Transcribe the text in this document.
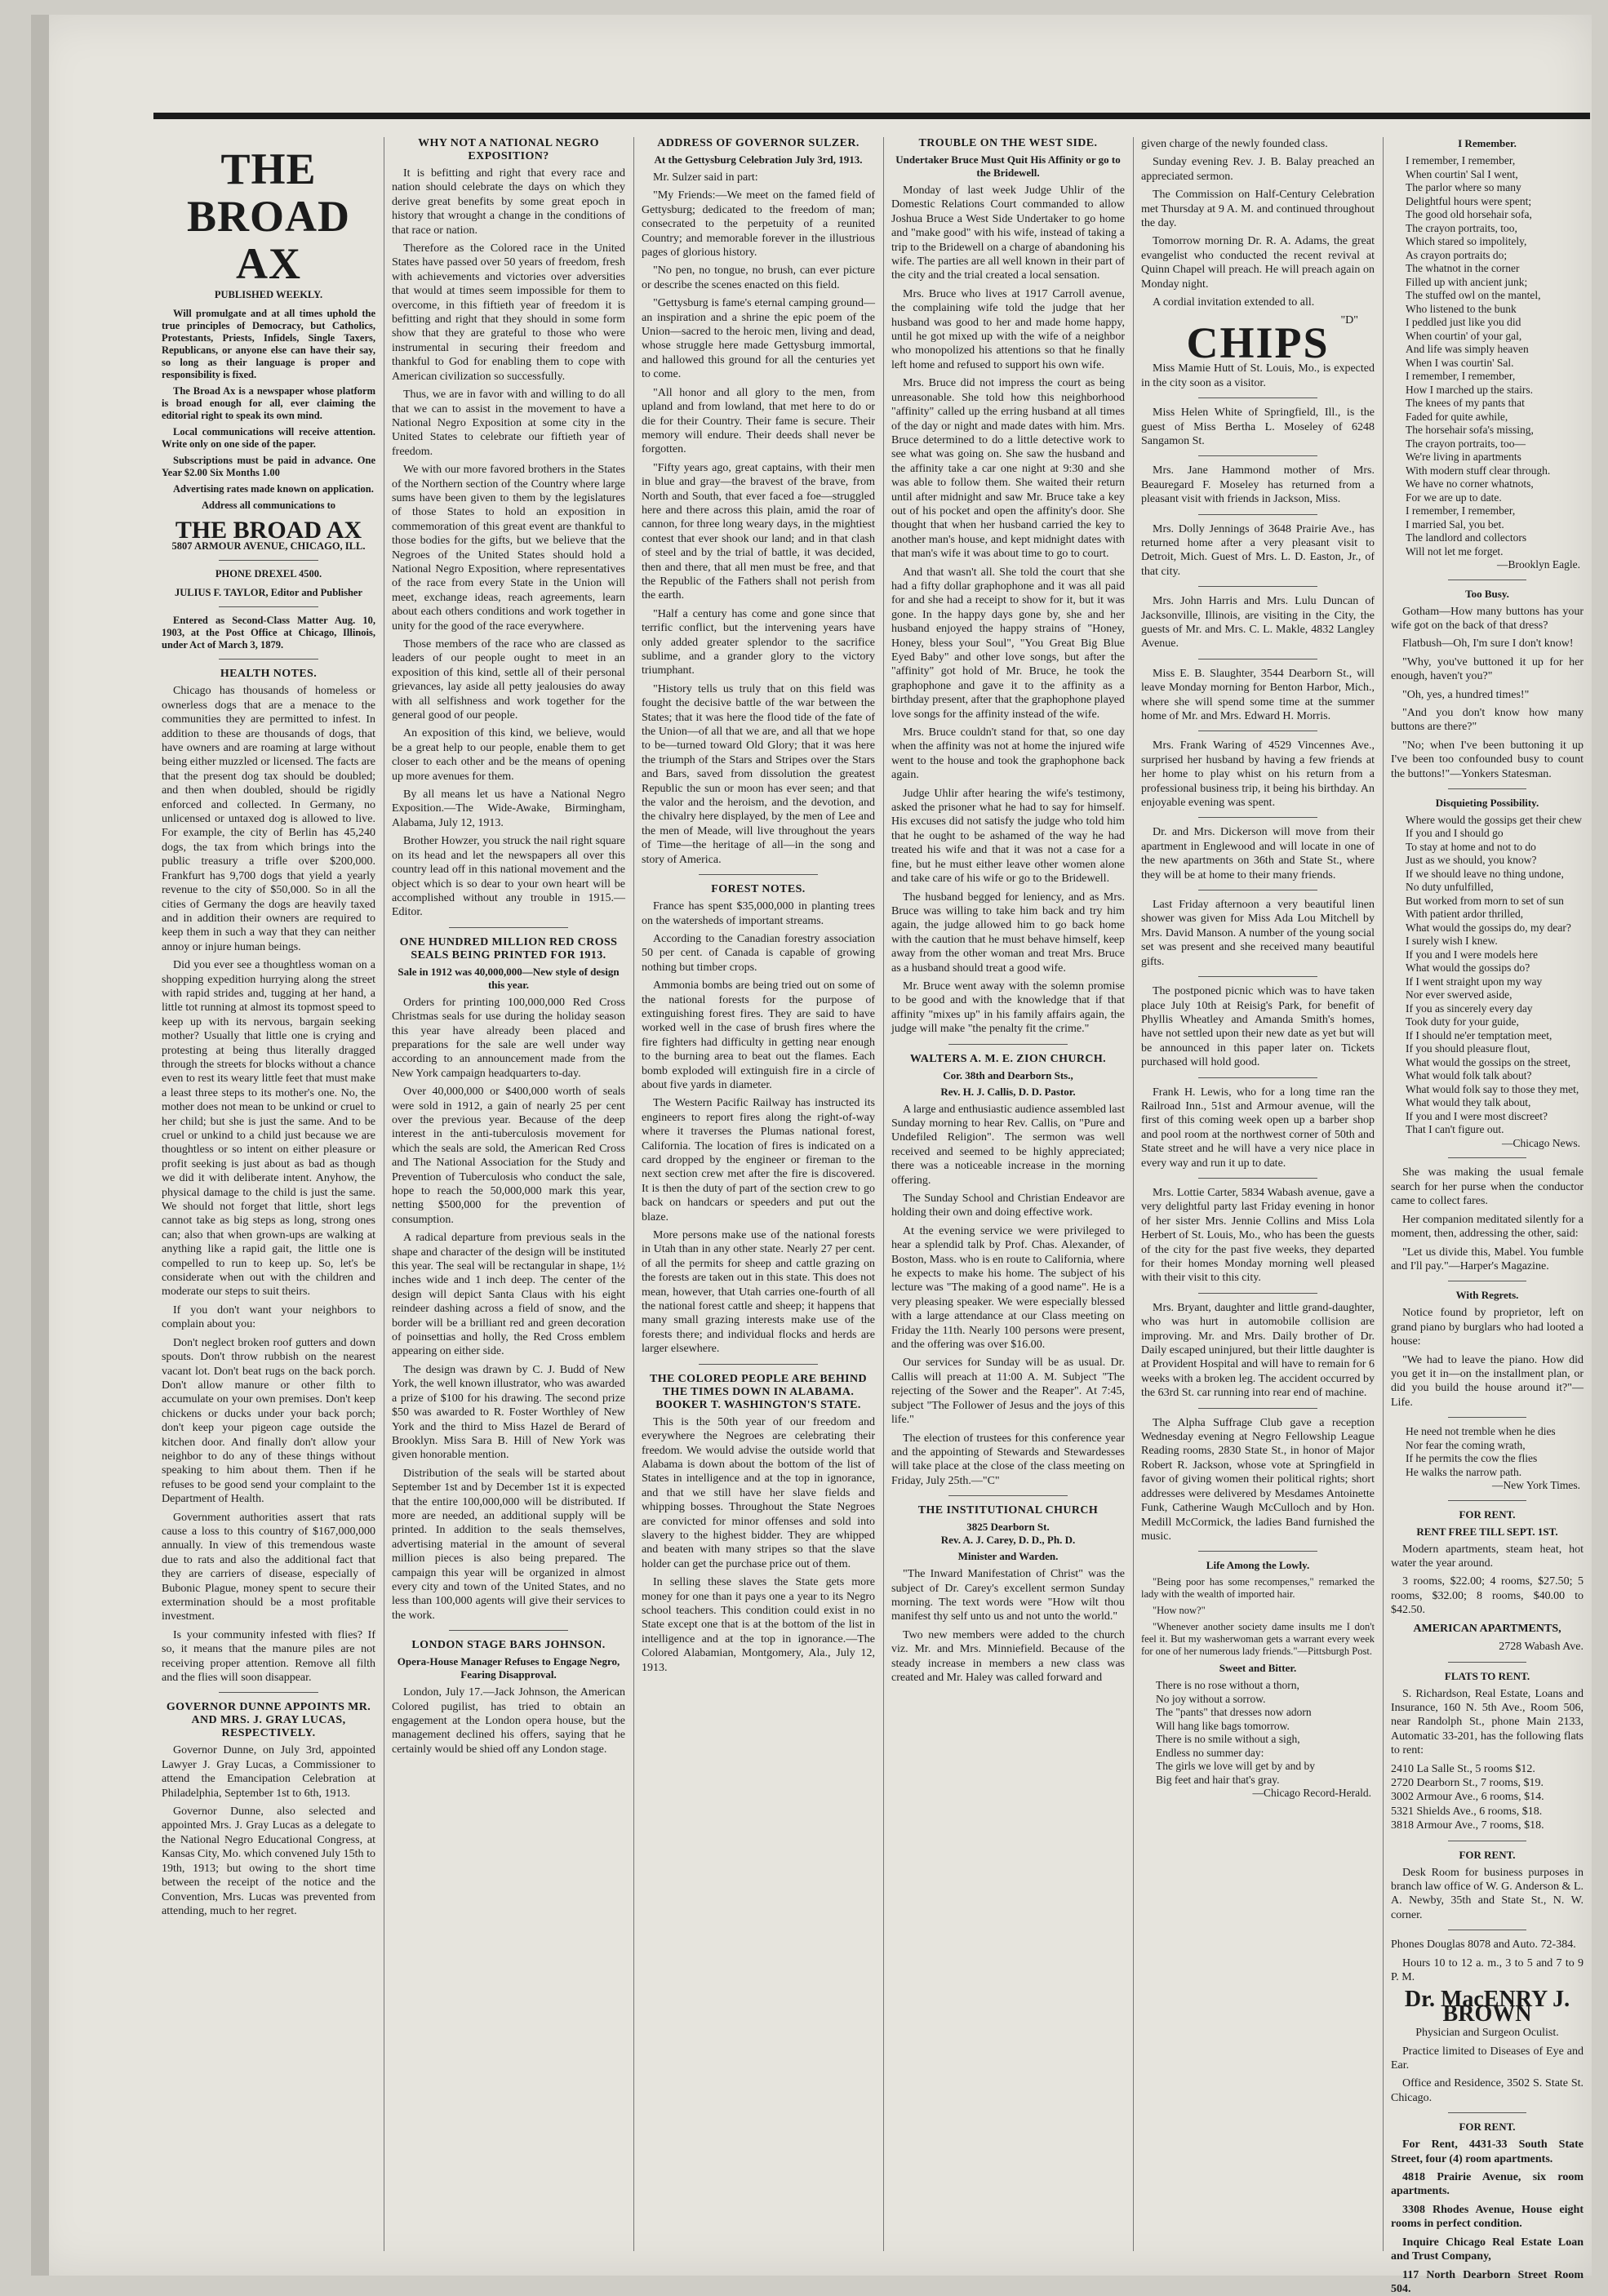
THE BROAD AX
PUBLISHED WEEKLY.

Will promulgate and at all times uphold the true principles of Democracy, but Catholics, Protestants, Priests, Infidels, Single Taxers, Republicans, or anyone else can have their say, so long as their language is proper and responsibility is fixed.

The Broad Ax is a newspaper whose platform is broad enough for all, ever claiming the editorial right to speak its own mind.

Local communications will receive attention. Write only on one side of the paper.

Subscriptions must be paid in advance. One Year $2.00 Six Months 1.00

Advertising rates made known on application.

Address all communications to

THE BROAD AX
5807 ARMOUR AVENUE, CHICAGO, ILL.
PHONE DREXEL 4500.
JULIUS F. TAYLOR, Editor and Publisher

Entered as Second-Class Matter Aug. 10, 1903, at the Post Office at Chicago, Illinois, under Act of March 3, 1879.

HEALTH NOTES.

Chicago has thousands of homeless or ownerless dogs that are a menace to the communities they are permitted to infest. In addition to these are thousands of dogs, that have owners and are roaming at large without being either muzzled or licensed. The facts are that the present dog tax should be doubled; and then when doubled, should be rigidly enforced and collected. In Germany, no unlicensed or untaxed dog is allowed to live. For example, the city of Berlin has 45,240 dogs, the tax from which brings into the public treasury a trifle over $200,000. Frankfurt has 9,700 dogs that yield a yearly revenue to the city of $50,000. So in all the cities of Germany the dogs are heavily taxed and in addition their owners are required to keep them in such a way that they can neither annoy or injure human beings.

Did you ever see a thoughtless woman on a shopping expedition hurrying along the street with rapid strides and, tugging at her hand, a little tot running at almost its topmost speed to keep up with its nervous, bargain seeking mother? Usually that little one is crying and protesting at being thus literally dragged through the streets for blocks without a chance even to rest its weary little feet that must make a least three steps to its mother's one. No, the mother does not mean to be unkind or cruel to her child; but she is just the same. And to be cruel or unkind to a child just because we are thoughtless or so intent on either pleasure or profit seeking is just about as bad as though we did it with deliberate intent. Anyhow, the physical damage to the child is just the same. We should not forget that little, short legs cannot take as big steps as long, strong ones can; also that when grown-ups are walking at anything like a rapid gait, the little one is compelled to run to keep up. So, let's be considerate when out with the children and moderate our steps to suit theirs.

If you don't want your neighbors to complain about you:

Don't neglect broken roof gutters and down spouts. Don't throw rubbish on the nearest vacant lot. Don't beat rugs on the back porch. Don't allow manure or other filth to accumulate on your own premises. Don't keep chickens or ducks under your back porch; don't keep your pigeon cage outside the kitchen door. And finally don't allow your neighbor to do any of these things without speaking to him about them. Then if he refuses to be good send your complaint to the Department of Health.

Government authorities assert that rats cause a loss to this country of $167,000,000 annually. In view of this tremendous waste due to rats and also the additional fact that they are carriers of disease, especially of Bubonic Plague, money spent to secure their extermination should be a most profitable investment.

Is your community infested with flies? If so, it means that the manure piles are not receiving proper attention. Remove all filth and the flies will soon disappear.

GOVERNOR DUNNE APPOINTS MR. AND MRS. J. GRAY LUCAS, RESPECTIVELY.

Governor Dunne, on July 3rd, appointed Lawyer J. Gray Lucas, a Commissioner to attend the Emancipation Celebration at Philadelphia, September 1st to 6th, 1913.

Governor Dunne, also selected and appointed Mrs. J. Gray Lucas as a delegate to the National Negro Educational Congress, at Kansas City, Mo. which convened July 15th to 19th, 1913; but owing to the short time between the receipt of the notice and the Convention, Mrs. Lucas was prevented from attending, much to her regret.

WHY NOT A NATIONAL NEGRO EXPOSITION?

It is befitting and right that every race and nation should celebrate the days on which they derive great benefits by some great epoch in history that wrought a change in the conditions of that race or nation.

Therefore as the Colored race in the United States have passed over 50 years of freedom, fresh with achievements and victories over adversities that would at times seem impossible for them to overcome, in this fiftieth year of freedom it is befitting and right that they should in some form show that they are grateful to those who were instrumental in securing their freedom and thankful to God for enabling them to cope with American civilization so successfully.

Thus, we are in favor with and willing to do all that we can to assist in the movement to have a National Negro Exposition at some city in the United States to celebrate our fiftieth year of freedom.

We with our more favored brothers in the States of the Northern section of the Country where large sums have been given to them by the legislatures of those States to hold an exposition in commemoration of this great event are thankful to those bodies for the gifts, but we believe that the Negroes of the United States should hold a National Negro Exposition, where representatives of the race from every State in the Union will meet, exchange ideas, reach agreements, learn about each others conditions and work together in unity for the good of the race everywhere.

Those members of the race who are classed as leaders of our people ought to meet in an exposition of this kind, settle all of their personal grievances, lay aside all petty jealousies do away with all selfishness and work together for the general good of our people.

An exposition of this kind, we believe, would be a great help to our people, enable them to get closer to each other and be the means of opening up more avenues for them.

By all means let us have a National Negro Exposition.—The Wide-Awake, Birmingham, Alabama, July 12, 1913.

Brother Howzer, you struck the nail right square on its head and let the newspapers all over this country lead off in this national movement and the object which is so dear to your own heart will be accomplished without any trouble in 1915.—Editor.

ONE HUNDRED MILLION RED CROSS SEALS BEING PRINTED FOR 1913.
Sale in 1912 was 40,000,000—New style of design this year.

Orders for printing 100,000,000 Red Cross Christmas seals for use during the holiday season this year have already been placed and preparations for the sale are well under way according to an announcement made from the New York campaign headquarters to-day.

Over 40,000,000 or $400,000 worth of seals were sold in 1912, a gain of nearly 25 per cent over the previous year. Because of the deep interest in the anti-tuberculosis movement for which the seals are sold, the American Red Cross and The National Association for the Study and Prevention of Tuberculosis who conduct the sale, hope to reach the 50,000,000 mark this year, netting $500,000 for the prevention of consumption.

A radical departure from previous seals in the shape and character of the design will be instituted this year. The seal will be rectangular in shape, 1½ inches wide and 1 inch deep. The center of the design will depict Santa Claus with his eight reindeer dashing across a field of snow, and the border will be a brilliant red and green decoration of poinsettias and holly, the Red Cross emblem appearing on either side.

The design was drawn by C. J. Budd of New York, the well known illustrator, who was awarded a prize of $100 for his drawing. The second prize $50 was awarded to R. Foster Worthley of New York and the third to Miss Hazel de Berard of Brooklyn. Miss Sara B. Hill of New York was given honorable mention.

Distribution of the seals will be started about September 1st and by December 1st it is expected that the entire 100,000,000 will be distributed. If more are needed, an additional supply will be printed. In addition to the seals themselves, advertising material in the amount of several million pieces is also being prepared. The campaign this year will be organized in almost every city and town of the United States, and no less than 100,000 agents will give their services to the work.

LONDON STAGE BARS JOHNSON.
Opera-House Manager Refuses to Engage Negro, Fearing Disapproval.

London, July 17.—Jack Johnson, the American Colored pugilist, has tried to obtain an engagement at the London opera house, but the management declined his offers, saying that he certainly would be shied off any London stage.

ADDRESS OF GOVERNOR SULZER.
At the Gettysburg Celebration July 3rd, 1913.

Mr. Sulzer said in part:

"My Friends:—We meet on the famed field of Gettysburg; dedicated to the freedom of man; consecrated to the perpetuity of a reunited Country; and memorable forever in the illustrious pages of glorious history.

"No pen, no tongue, no brush, can ever picture or describe the scenes enacted on this field.

"Gettysburg is fame's eternal camping ground—an inspiration and a shrine the epic poem of the Union—sacred to the heroic men, living and dead, whose struggle here made Gettysburg immortal, and hallowed this ground for all the centuries yet to come.

"All honor and all glory to the men, from upland and from lowland, that met here to do or die for their Country. Their fame is secure. Their memory will endure. Their deeds shall never be forgotten.

"Fifty years ago, great captains, with their men in blue and gray—the bravest of the brave, from North and South, that ever faced a foe—struggled here and there across this plain, amid the roar of cannon, for three long weary days, in the mightiest contest that ever shook our land; and in that clash of steel and by the trial of battle, it was decided, then and there, that all men must be free, and that the Republic of the Fathers shall not perish from the earth.

"Half a century has come and gone since that terrific conflict, but the intervening years have only added greater splendor to the sacrifice sublime, and a grander glory to the victory triumphant.

"History tells us truly that on this field was fought the decisive battle of the war between the States; that it was here the flood tide of the fate of the Union—of all that we are, and all that we hope to be—turned toward Old Glory; that it was here the triumph of the Stars and Stripes over the Stars and Bars, saved from dissolution the greatest Republic the sun or moon has ever seen; and that the valor and the heroism, and the devotion, and the chivalry here displayed, by the men of Lee and the men of Meade, will live throughout the years of Time—the heritage of all—in the song and story of America.

FOREST NOTES.

France has spent $35,000,000 in planting trees on the watersheds of important streams.

According to the Canadian forestry association 50 per cent. of Canada is capable of growing nothing but timber crops.

Ammonia bombs are being tried out on some of the national forests for the purpose of extinguishing forest fires. They are said to have worked well in the case of brush fires where the fire fighters had difficulty in getting near enough to the burning area to beat out the flames. Each bomb exploded will extinguish fire in a circle of about five yards in diameter.

The Western Pacific Railway has instructed its engineers to report fires along the right-of-way where it traverses the Plumas national forest, California. The location of fires is indicated on a card dropped by the engineer or fireman to the next section crew met after the fire is discovered. It is then the duty of part of the section crew to go back on handcars or speeders and put out the blaze.

More persons make use of the national forests in Utah than in any other state. Nearly 27 per cent. of all the permits for sheep and cattle grazing on the forests are taken out in this state. This does not mean, however, that Utah carries one-fourth of all the national forest cattle and sheep; it happens that many small grazing interests make use of the forests there; and individual flocks and herds are larger elsewhere.

THE COLORED PEOPLE ARE BEHIND THE TIMES DOWN IN ALABAMA. BOOKER T. WASHINGTON'S STATE.

This is the 50th year of our freedom and everywhere the Negroes are celebrating their freedom. We would advise the outside world that Alabama is down about the bottom of the list of States in intelligence and at the top in ignorance, and that we still have her slave fields and whipping bosses. Throughout the State Negroes are convicted for minor offenses and sold into slavery to the highest bidder. They are whipped and beaten with many stripes so that the slave holder can get the purchase price out of them.

In selling these slaves the State gets more money for one than it pays one a year to its Negro school teachers. This condition could exist in no State except one that is at the bottom of the list in intelligence and at the top in ignorance.—The Colored Alabamian, Montgomery, Ala., July 12, 1913.

TROUBLE ON THE WEST SIDE.
Undertaker Bruce Must Quit His Affinity or go to the Bridewell.

Monday of last week Judge Uhlir of the Domestic Relations Court commanded to allow Joshua Bruce a West Side Undertaker to go home and "make good" with his wife, instead of taking a trip to the Bridewell on a charge of abandoning his wife. The parties are all well known in their part of the city and the trial created a local sensation.

Mrs. Bruce who lives at 1917 Carroll avenue, the complaining wife told the judge that her husband was good to her and made home happy, until he got mixed up with the wife of a neighbor who monopolized his attentions so that he finally left home and refused to support his own wife.

Mrs. Bruce did not impress the court as being unreasonable. She told how this neighborhood "affinity" called up the erring husband at all times of the day or night and made dates with him. Mrs. Bruce determined to do a little detective work to see what was going on. She saw the husband and the affinity take a car one night at 9:30 and she was able to follow them. She waited their return until after midnight and saw Mr. Bruce take a key out of his pocket and open the affinity's door. She thought that when her husband carried the key to another man's house, and kept midnight dates with that man's wife it was about time to go to court.

And that wasn't all. She told the court that she had a fifty dollar graphophone and it was all paid for and she had a receipt to show for it, but it was gone. In the happy days gone by, she and her husband enjoyed the happy strains of "Honey, Honey, bless your Soul", "You Great Big Blue Eyed Baby" and other love songs, but after the "affinity" got hold of Mr. Bruce, he took the graphophone and gave it to the affinity as a birthday present, after that the graphophone played love songs for the affinity instead of the wife.

Mrs. Bruce couldn't stand for that, so one day when the affinity was not at home the injured wife went to the house and took the graphophone back again.

Judge Uhlir after hearing the wife's testimony, asked the prisoner what he had to say for himself. His excuses did not satisfy the judge who told him that he ought to be ashamed of the way he had treated his wife and that it was not a case for a fine, but he must either leave other women alone and take care of his wife or go to the Bridewell.

The husband begged for leniency, and as Mrs. Bruce was willing to take him back and try him again, the judge allowed him to go back home with the caution that he must behave himself, keep away from the other woman and treat Mrs. Bruce as a husband should treat a good wife.

Mr. Bruce went away with the solemn promise to be good and with the knowledge that if that affinity "mixes up" in his family affairs again, the judge will make "the penalty fit the crime."

WALTERS A. M. E. ZION CHURCH.
Cor. 38th and Dearborn Sts.,
Rev. H. J. Callis, D. D. Pastor.

A large and enthusiastic audience assembled last Sunday morning to hear Rev. Callis, on "Pure and Undefiled Religion". The sermon was well received and seemed to be highly appreciated; there was a noticeable increase in the morning offering.

The Sunday School and Christian Endeavor are holding their own and doing effective work.

At the evening service we were privileged to hear a splendid talk by Prof. Chas. Alexander, of Boston, Mass. who is en route to California, where he expects to make his home. The subject of his lecture was "The making of a good name". He is a very pleasing speaker. We were especially blessed with a large attendance at our Class meeting on Friday the 11th. Nearly 100 persons were present, and the offering was over $16.00.

Our services for Sunday will be as usual. Dr. Callis will preach at 11:00 A. M. Subject "The rejecting of the Sower and the Reaper". At 7:45, subject "The Follower of Jesus and the joys of this life."

The election of trustees for this conference year and the appointing of Stewards and Stewardesses will take place at the close of the class meeting on Friday, July 25th.—"C"

THE INSTITUTIONAL CHURCH
3825 Dearborn St.
Rev. A. J. Carey, D. D., Ph. D.
Minister and Warden.

"The Inward Manifestation of Christ" was the subject of Dr. Carey's excellent sermon Sunday morning. The text words were "How wilt thou manifest thy self unto us and not unto the world."

Two new members were added to the church viz. Mr. and Mrs. Minniefield. Because of the steady increase in members a new class was created and Mr. Haley was called forward and

given charge of the newly founded class.

Sunday evening Rev. J. B. Balay preached an appreciated sermon.

The Commission on Half-Century Celebration met Thursday at 9 A. M. and continued throughout the day.

Tomorrow morning Dr. R. A. Adams, the great evangelist who conducted the recent revival at Quinn Chapel will preach. He will preach again on Monday night.

A cordial invitation extended to all.

"D"

CHIPS

Miss Mamie Hutt of St. Louis, Mo., is expected in the city soon as a visitor.

Miss Helen White of Springfield, Ill., is the guest of Miss Bertha L. Moseley of 6248 Sangamon St.

Mrs. Jane Hammond mother of Mrs. Beauregard F. Moseley has returned from a pleasant visit with friends in Jackson, Miss.

Mrs. Dolly Jennings of 3648 Prairie Ave., has returned home after a very pleasant visit to Detroit, Mich. Guest of Mrs. L. D. Easton, Jr., of that city.

Mrs. John Harris and Mrs. Lulu Duncan of Jacksonville, Illinois, are visiting in the City, the guests of Mr. and Mrs. C. L. Makle, 4832 Langley Avenue.

Miss E. B. Slaughter, 3544 Dearborn St., will leave Monday morning for Benton Harbor, Mich., where she will spend some time at the summer home of Mr. and Mrs. Edward H. Morris.

Mrs. Frank Waring of 4529 Vincennes Ave., surprised her husband by having a few friends at her home to play whist on his return from a professional business trip, it being his birthday. An enjoyable evening was spent.

Dr. and Mrs. Dickerson will move from their apartment in Englewood and will locate in one of the new apartments on 36th and State St., where they will be at home to their many friends.

Last Friday afternoon a very beautiful linen shower was given for Miss Ada Lou Mitchell by Mrs. David Manson. A number of the young social set was present and she received many beautiful gifts.

The postponed picnic which was to have taken place July 10th at Reisig's Park, for benefit of Phyllis Wheatley and Amanda Smith's homes, have not settled upon their new date as yet but will be announced in this paper later on. Tickets purchased will hold good.

Frank H. Lewis, who for a long time ran the Railroad Inn., 51st and Armour avenue, will the first of this coming week open up a barber shop and pool room at the northwest corner of 50th and State street and he will have a very nice place in every way and run it up to date.

Mrs. Lottie Carter, 5834 Wabash avenue, gave a very delightful party last Friday evening in honor of her sister Mrs. Jennie Collins and Miss Lola Herbert of St. Louis, Mo., who has been the guests of the city for the past five weeks, they departed for their homes Monday morning well pleased with their visit to this city.

Mrs. Bryant, daughter and little grand-daughter, who was hurt in automobile collision are improving. Mr. and Mrs. Daily brother of Dr. Daily escaped uninjured, but their little daughter is at Provident Hospital and will have to remain for 6 weeks with a broken leg. The accident occurred by the 63rd St. car running into rear end of machine.

The Alpha Suffrage Club gave a reception Wednesday evening at Negro Fellowship League Reading rooms, 2830 State St., in honor of Major Robert R. Jackson, whose vote at Springfield in favor of giving women their political rights; short addresses were delivered by Mesdames Antoinette Funk, Catherine Waugh McCulloch and by Hon. Medill McCormick, the ladies Band furnished the music.

Life Among the Lowly.

"Being poor has some recompenses," remarked the lady with the wealth of imported hair.

"How now?"

"Whenever another society dame insults me I don't feel it. But my washerwoman gets a warrant every week for one of her numerous lady friends."—Pittsburgh Post.

Sweet and Bitter.

There is no rose without a thorn,

No joy without a sorrow.

The "pants" that dresses now adorn

Will hang like bags tomorrow.

There is no smile without a sigh,

Endless no summer day:

The girls we love will get by and by

Big feet and hair that's gray.

—Chicago Record-Herald.

I Remember.

I remember, I remember,

When courtin' Sal I went,

The parlor where so many

Delightful hours were spent;

The good old horsehair sofa,

The crayon portraits, too,

Which stared so impolitely,

As crayon portraits do;

The whatnot in the corner

Filled up with ancient junk;

The stuffed owl on the mantel,

Who listened to the bunk

I peddled just like you did

When courtin' of your gal,

And life was simply heaven

When I was courtin' Sal.

I remember, I remember,

How I marched up the stairs.

The knees of my pants that

Faded for quite awhile,

The horsehair sofa's missing,

The crayon portraits, too—

We're living in apartments

With modern stuff clear through.

We have no corner whatnots,

For we are up to date.

I remember, I remember,

I married Sal, you bet.

The landlord and collectors

Will not let me forget.

—Brooklyn Eagle.

Too Busy.

Gotham—How many buttons has your wife got on the back of that dress?

Flatbush—Oh, I'm sure I don't know!

"Why, you've buttoned it up for her enough, haven't you?"

"Oh, yes, a hundred times!"

"And you don't know how many buttons are there?"

"No; when I've been buttoning it up I've been too confounded busy to count the buttons!"—Yonkers Statesman.

Disquieting Possibility.

Where would the gossips get their chew

If you and I should go

To stay at home and not to do

Just as we should, you know?

If we should leave no thing undone,

No duty unfulfilled,

But worked from morn to set of sun

With patient ardor thrilled,

What would the gossips do, my dear?

I surely wish I knew.

If you and I were models here

What would the gossips do?

If I went straight upon my way

Nor ever swerved aside,

If you as sincerely every day

Took duty for your guide,

If I should ne'er temptation meet,

If you should pleasure flout,

What would the gossips on the street,

What would folk talk about?

What would folk say to those they met,

What would they talk about,

If you and I were most discreet?

That I can't figure out.

—Chicago News.

She was making the usual female search for her purse when the conductor came to collect fares.

Her companion meditated silently for a moment, then, addressing the other, said:

"Let us divide this, Mabel. You fumble and I'll pay."—Harper's Magazine.

With Regrets.

Notice found by proprietor, left on grand piano by burglars who had looted a house:

"We had to leave the piano. How did you get it in—on the installment plan, or did you build the house around it?"—Life.

He need not tremble when he dies

Nor fear the coming wrath,

If he permits the cow the flies

He walks the narrow path.

—New York Times.

FOR RENT.
RENT FREE TILL SEPT. 1ST.

Modern apartments, steam heat, hot water the year around.

3 rooms, $22.00; 4 rooms, $27.50; 5 rooms, $32.00; 8 rooms, $40.00 to $42.50.

AMERICAN APARTMENTS,

2728 Wabash Ave.

FLATS TO RENT.

S. Richardson, Real Estate, Loans and Insurance, 160 N. 5th Ave., Room 506, near Randolph St., phone Main 2133, Automatic 33-201, has the following flats to rent:

2410 La Salle St., 5 rooms $12.

2720 Dearborn St., 7 rooms, $19.

3002 Armour Ave., 6 rooms, $14.

5321 Shields Ave., 6 rooms, $18.

3818 Armour Ave., 7 rooms, $18.

FOR RENT.

Desk Room for business purposes in branch law office of W. G. Anderson & L. A. Newby, 35th and State St., N. W. corner.

Phones Douglas 8078 and Auto. 72-384.

Hours 10 to 12 a. m., 3 to 5 and 7 to 9 P. M.

Dr. MacENRY J. BROWN

Physician and Surgeon Oculist.

Practice limited to Diseases of Eye and Ear.

Office and Residence, 3502 S. State St. Chicago.

FOR RENT.

For Rent, 4431-33 South State Street, four (4) room apartments.

4818 Prairie Avenue, six room apartments.

3308 Rhodes Avenue, House eight rooms in perfect condition.

Inquire Chicago Real Estate Loan and Trust Company,

117 North Dearborn Street Room 504.
